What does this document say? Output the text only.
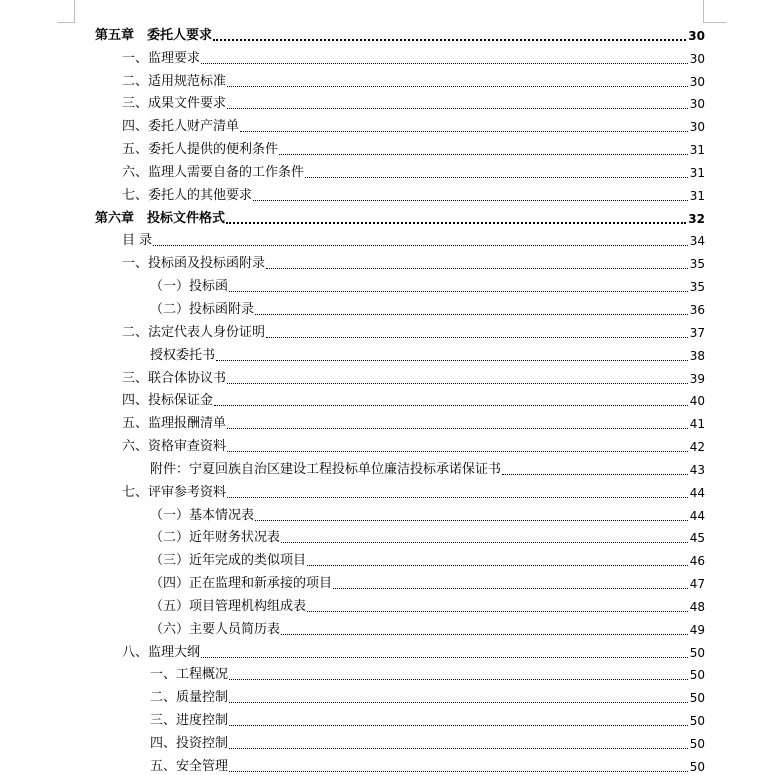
第五章　委托人要求	30
一、监理要求	30
二、适用规范标准	30
三、成果文件要求	30
四、委托人财产清单	30
五、委托人提供的便利条件	31
六、监理人需要自备的工作条件	31
七、委托人的其他要求	31
第六章　投标文件格式	32
目 录	34
一、投标函及投标函附录	35
（一）投标函	35
（二）投标函附录	36
二、法定代表人身份证明	37
授权委托书	38
三、联合体协议书	39
四、投标保证金	40
五、监理报酬清单	41
六、资格审查资料	42
附件：宁夏回族自治区建设工程投标单位廉洁投标承诺保证书	43
七、评审参考资料	44
（一）基本情况表	44
（二）近年财务状况表	45
（三）近年完成的类似项目	46
（四）正在监理和新承接的项目	47
（五）项目管理机构组成表	48
（六）主要人员简历表	49
八、监理大纲	50
一、工程概况	50
二、质量控制	50
三、进度控制	50
四、投资控制	50
五、安全管理	50
